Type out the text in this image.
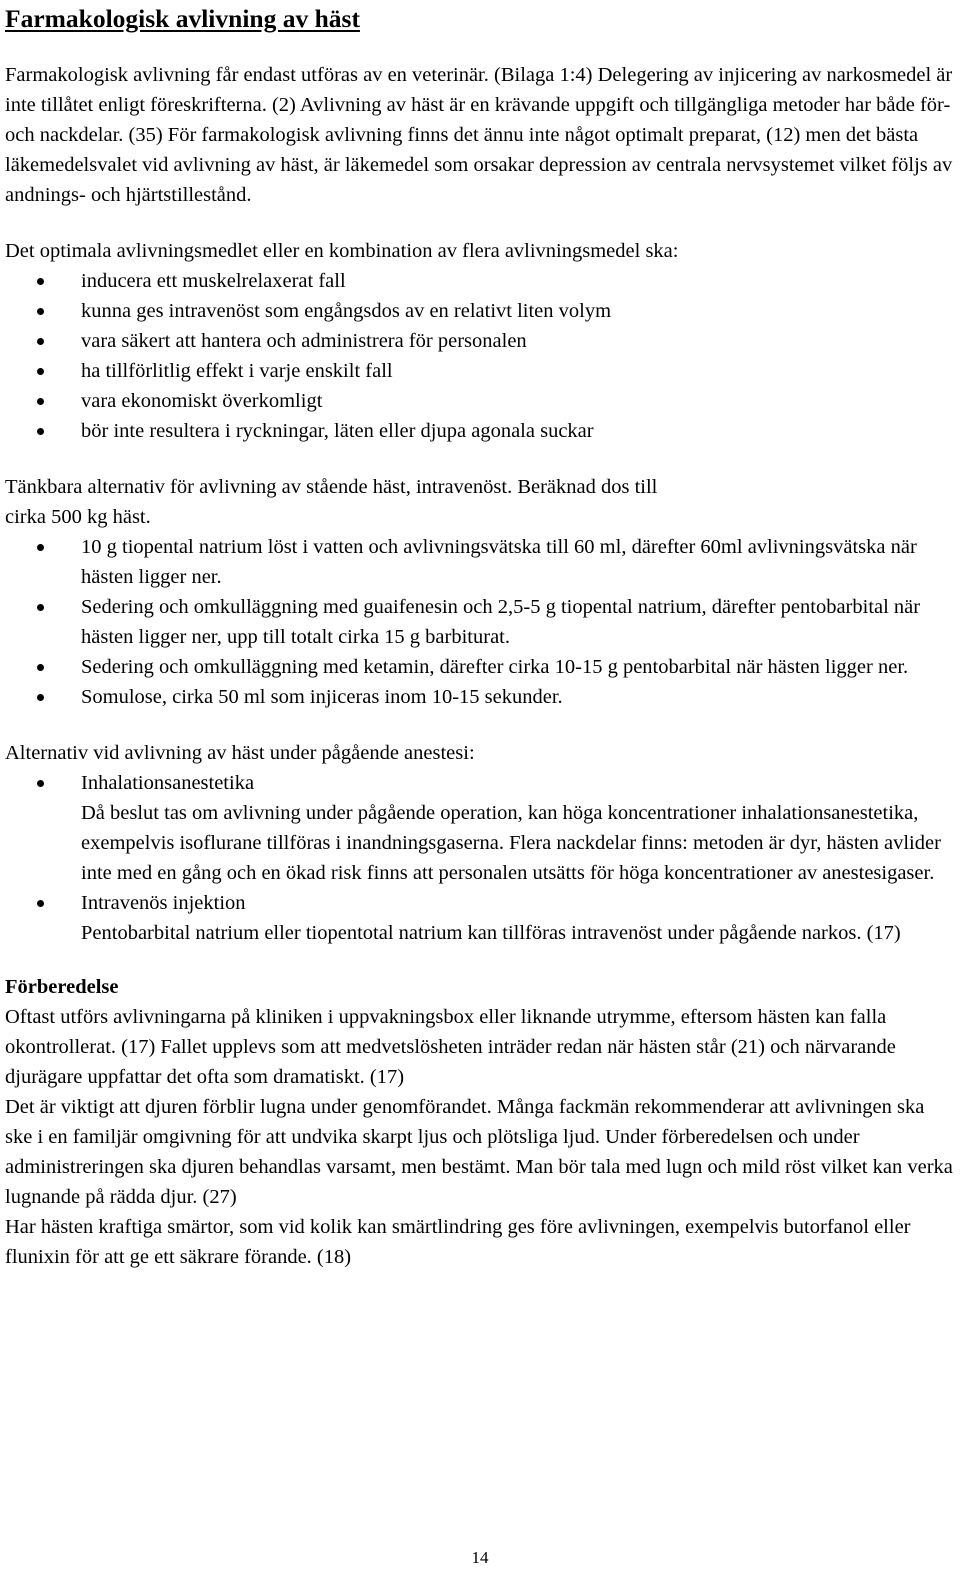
Farmakologisk avlivning av häst

Farmakologisk avlivning får endast utföras av en veterinär. (Bilaga 1:4) Delegering av injicering av narkosmedel är inte tillåtet enligt föreskrifterna. (2) Avlivning av häst är en krävande uppgift och tillgängliga metoder har både för- och nackdelar. (35) För farmakologisk avlivning finns det ännu inte något optimalt preparat, (12) men det bästa läkemedelsvalet vid avlivning av häst, är läkemedel som orsakar depression av centrala nervsystemet vilket följs av andnings- och hjärtstillestånd.

Det optimala avlivningsmedlet eller en kombination av flera avlivningsmedel ska:

inducera ett muskelrelaxerat fall
kunna ges intravenöst som engångsdos av en relativt liten volym
vara säkert att hantera och administrera för personalen
ha tillförlitlig effekt i varje enskilt fall
vara ekonomiskt överkomligt
bör inte resultera i ryckningar, läten eller djupa agonala suckar

Tänkbara alternativ för avlivning av stående häst, intravenöst. Beräknad dos till

cirka 500 kg häst.

10 g tiopental natrium löst i vatten och avlivningsvätska till 60 ml, därefter 60ml avlivningsvätska när hästen ligger ner.
Sedering och omkulläggning med guaifenesin och 2,5-5 g tiopental natrium, därefter pentobarbital när hästen ligger ner, upp till totalt cirka 15 g barbiturat.
Sedering och omkulläggning med ketamin, därefter cirka 10-15 g pentobarbital när hästen ligger ner.
Somulose, cirka 50 ml som injiceras inom 10-15 sekunder.

Alternativ vid avlivning av häst under pågående anestesi:

Inhalationsanestetika
Då beslut tas om avlivning under pågående operation, kan höga koncentrationer inhalationsanestetika, exempelvis isoflurane tillföras i inandningsgaserna. Flera nackdelar finns: metoden är dyr, hästen avlider inte med en gång och en ökad risk finns att personalen utsätts för höga koncentrationer av anestesigaser.
Intravenös injektion
Pentobarbital natrium eller tiopentotal natrium kan tillföras intravenöst under pågående narkos. (17)

Förberedelse

Oftast utförs avlivningarna på kliniken i uppvakningsbox eller liknande utrymme, eftersom hästen kan falla okontrollerat. (17) Fallet upplevs som att medvetslösheten inträder redan när hästen står (21) och närvarande djurägare uppfattar det ofta som dramatiskt. (17)

Det är viktigt att djuren förblir lugna under genomförandet. Många fackmän rekommenderar att avlivningen ska ske i en familjär omgivning för att undvika skarpt ljus och plötsliga ljud. Under förberedelsen och under administreringen ska djuren behandlas varsamt, men bestämt. Man bör tala med lugn och mild röst vilket kan verka lugnande på rädda djur. (27)

Har hästen kraftiga smärtor, som vid kolik kan smärtlindring ges före avlivningen, exempelvis butorfanol eller flunixin för att ge ett säkrare förande. (18)

14
